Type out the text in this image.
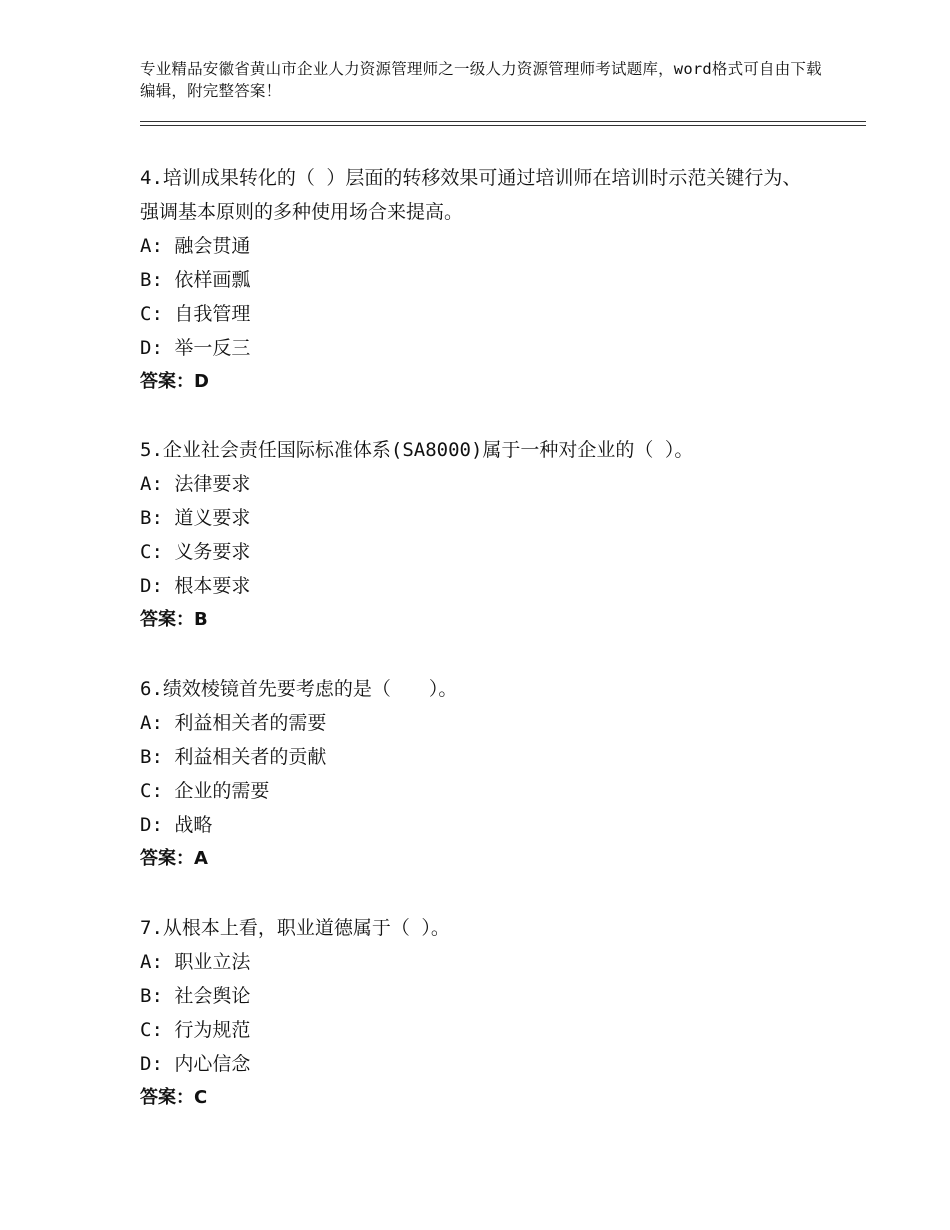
专业精品安徽省黄山市企业人力资源管理师之一级人力资源管理师考试题库，word格式可自由下载编辑，附完整答案！

4.培训成果转化的（ ）层面的转移效果可通过培训师在培训时示范关键行为、强调基本原则的多种使用场合来提高。

A: 融会贯通

B: 依样画瓢

C: 自我管理

D: 举一反三

答案：D

5.企业社会责任国际标准体系(SA8000)属于一种对企业的（ ）。

A: 法律要求

B: 道义要求

C: 义务要求

D: 根本要求

答案：B

6.绩效棱镜首先要考虑的是（　　）。

A: 利益相关者的需要

B: 利益相关者的贡献

C: 企业的需要

D: 战略

答案：A

7.从根本上看，职业道德属于（ ）。

A: 职业立法

B: 社会舆论

C: 行为规范

D: 内心信念

答案：C
